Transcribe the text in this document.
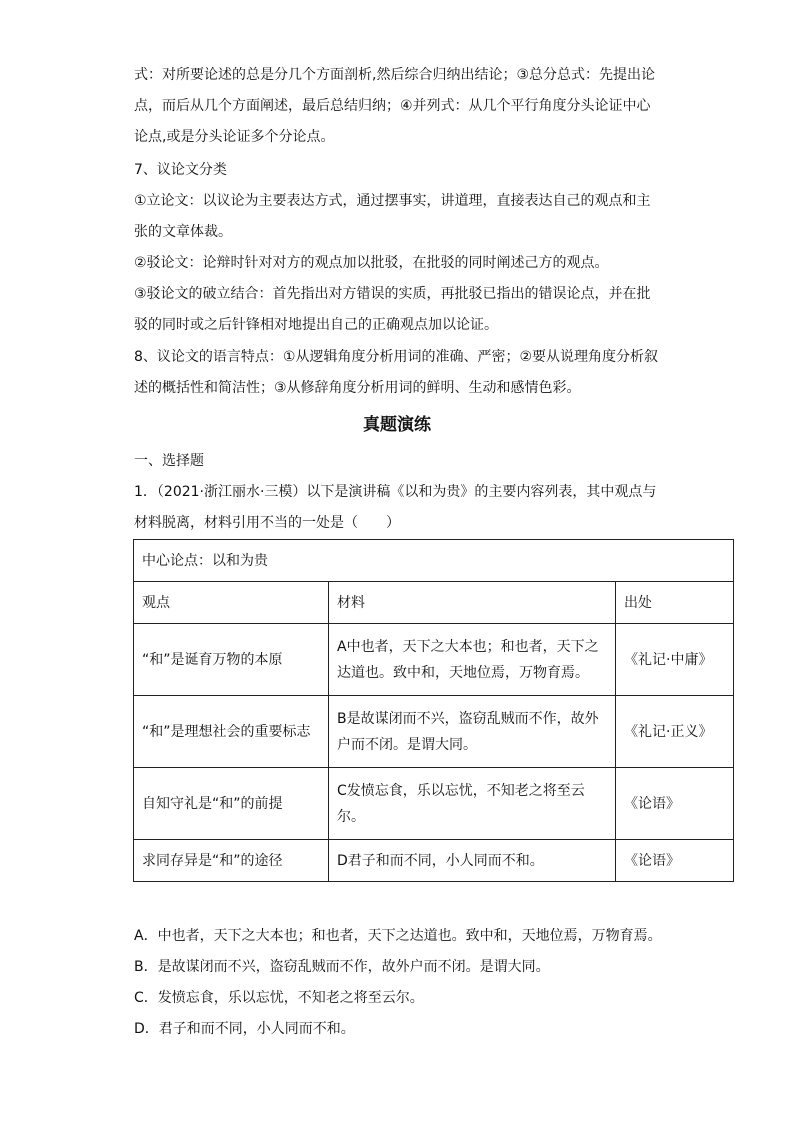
式：对所要论述的总是分几个方面剖析,然后综合归纳出结论；③总分总式：先提出论点，而后从几个方面阐述，最后总结归纳；④并列式：从几个平行角度分头论证中心论点,或是分头论证多个分论点。

7、议论文分类

①立论文：以议论为主要表达方式，通过摆事实，讲道理，直接表达自己的观点和主张的文章体裁。

②驳论文：论辩时针对对方的观点加以批驳，在批驳的同时阐述己方的观点。

③驳论文的破立结合：首先指出对方错误的实质，再批驳已指出的错误论点，并在批驳的同时或之后针锋相对地提出自己的正确观点加以论证。

8、议论文的语言特点：①从逻辑角度分析用词的准确、严密；②要从说理角度分析叙述的概括性和简洁性；③从修辞角度分析用词的鲜明、生动和感情色彩。

真题演练

一、选择题

1．（2021·浙江丽水·三模）以下是演讲稿《以和为贵》的主要内容列表，其中观点与材料脱离，材料引用不当的一处是（　　）

中心论点：以和为贵		
观点	材料	出处
“和”是诞育万物的本原	A中也者，天下之大本也；和也者，天下之达道也。致中和，天地位焉，万物育焉。	《礼记·中庸》
“和”是理想社会的重要标志	B是故谋闭而不兴，盗窃乱贼而不作，故外户而不闭。是谓大同。	《礼记·正义》
自知守礼是“和”的前提	C发愤忘食，乐以忘忧，不知老之将至云尔。	《论语》
求同存异是“和”的途径	D君子和而不同，小人同而不和。	《论语》
A．中也者，天下之大本也；和也者，天下之达道也。致中和，天地位焉，万物育焉。
B．是故谋闭而不兴，盗窃乱贼而不作，故外户而不闭。是谓大同。
C．发愤忘食，乐以忘忧，不知老之将至云尔。
D．君子和而不同，小人同而不和。
